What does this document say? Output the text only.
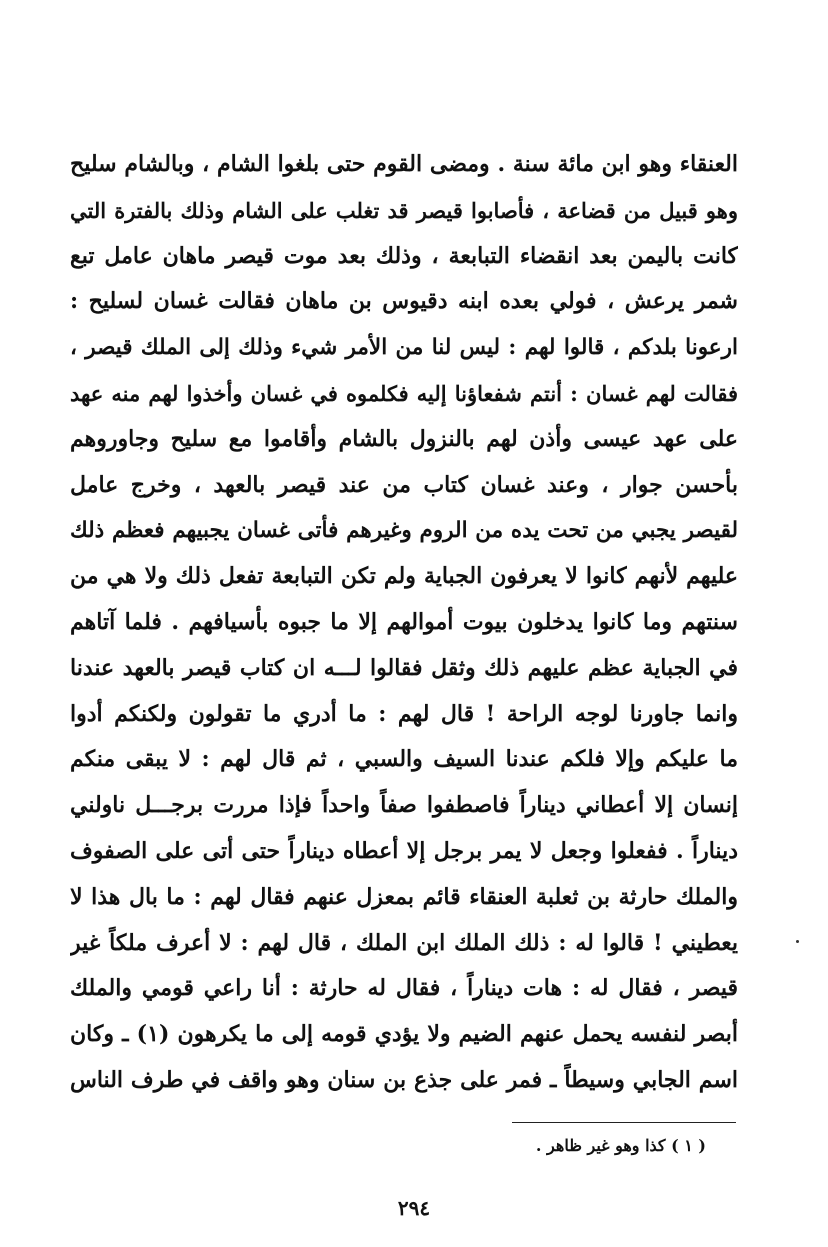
العنقاء وهو ابن مائة سنة . ومضى القوم حتى بلغوا الشام ، وبالشام سليح
وهو قبيل من قضاعة ، فأصابوا قيصر قد تغلب على الشام وذلك بالفترة التي
كانت باليمن بعد انقضاء التبابعة ، وذلك بعد موت قيصر ماهان عامل تبع
شمر يرعش ، فولي بعده ابنه دقيوس بن ماهان فقالت غسان لسليح :
ارعونا بلدكم ، قالوا لهم : ليس لنا من الأمر شيء وذلك إلى الملك قيصر ،
فقالت لهم غسان : أنتم شفعاؤنا إليه فكلموه في غسان وأخذوا لهم منه عهد
على عهد عيسى وأذن لهم بالنزول بالشام وأقاموا مع سليح وجاوروهم
بأحسن جوار ، وعند غسان كتاب من عند قيصر بالعهد ، وخرج عامل
لقيصر يجبي من تحت يده من الروم وغيرهم فأتى غسان يجبيهم فعظم ذلك
عليهم لأنهم كانوا لا يعرفون الجباية ولم تكن التبابعة تفعل ذلك ولا هي من
سنتهم وما كانوا يدخلون بيوت أموالهم إلا ما جبوه بأسيافهم . فلما آتاهم
في الجباية عظم عليهم ذلك وثقل فقالوا لـــه ان كتاب قيصر بالعهد عندنا
وانما جاورنا لوجه الراحة ! قال لهم : ما أدري ما تقولون ولكنكم أدوا
ما عليكم وإلا فلكم عندنا السيف والسبي ، ثم قال لهم : لا يبقى منكم
إنسان إلا أعطاني ديناراً فاصطفوا صفاً واحداً فإذا مررت برجـــل ناولني
ديناراً . ففعلوا وجعل لا يمر برجل إلا أعطاه ديناراً حتى أتى على الصفوف
والملك حارثة بن ثعلبة العنقاء قائم بمعزل عنهم فقال لهم : ما بال هذا لا
يعطيني ! قالوا له : ذلك الملك ابن الملك ، قال لهم : لا أعرف ملكاً غير
قيصر ، فقال له : هات ديناراً ، فقال له حارثة : أنا راعي قومي والملك
أبصر لنفسه يحمل عنهم الضيم ولا يؤدي قومه إلى ما يكرهون (١) ـ وكان
اسم الجابي وسيطاً ـ فمر على جذع بن سنان وهو واقف في طرف الناس
( ١ ) كذا وهو غير ظاهر .
٢٩٤
